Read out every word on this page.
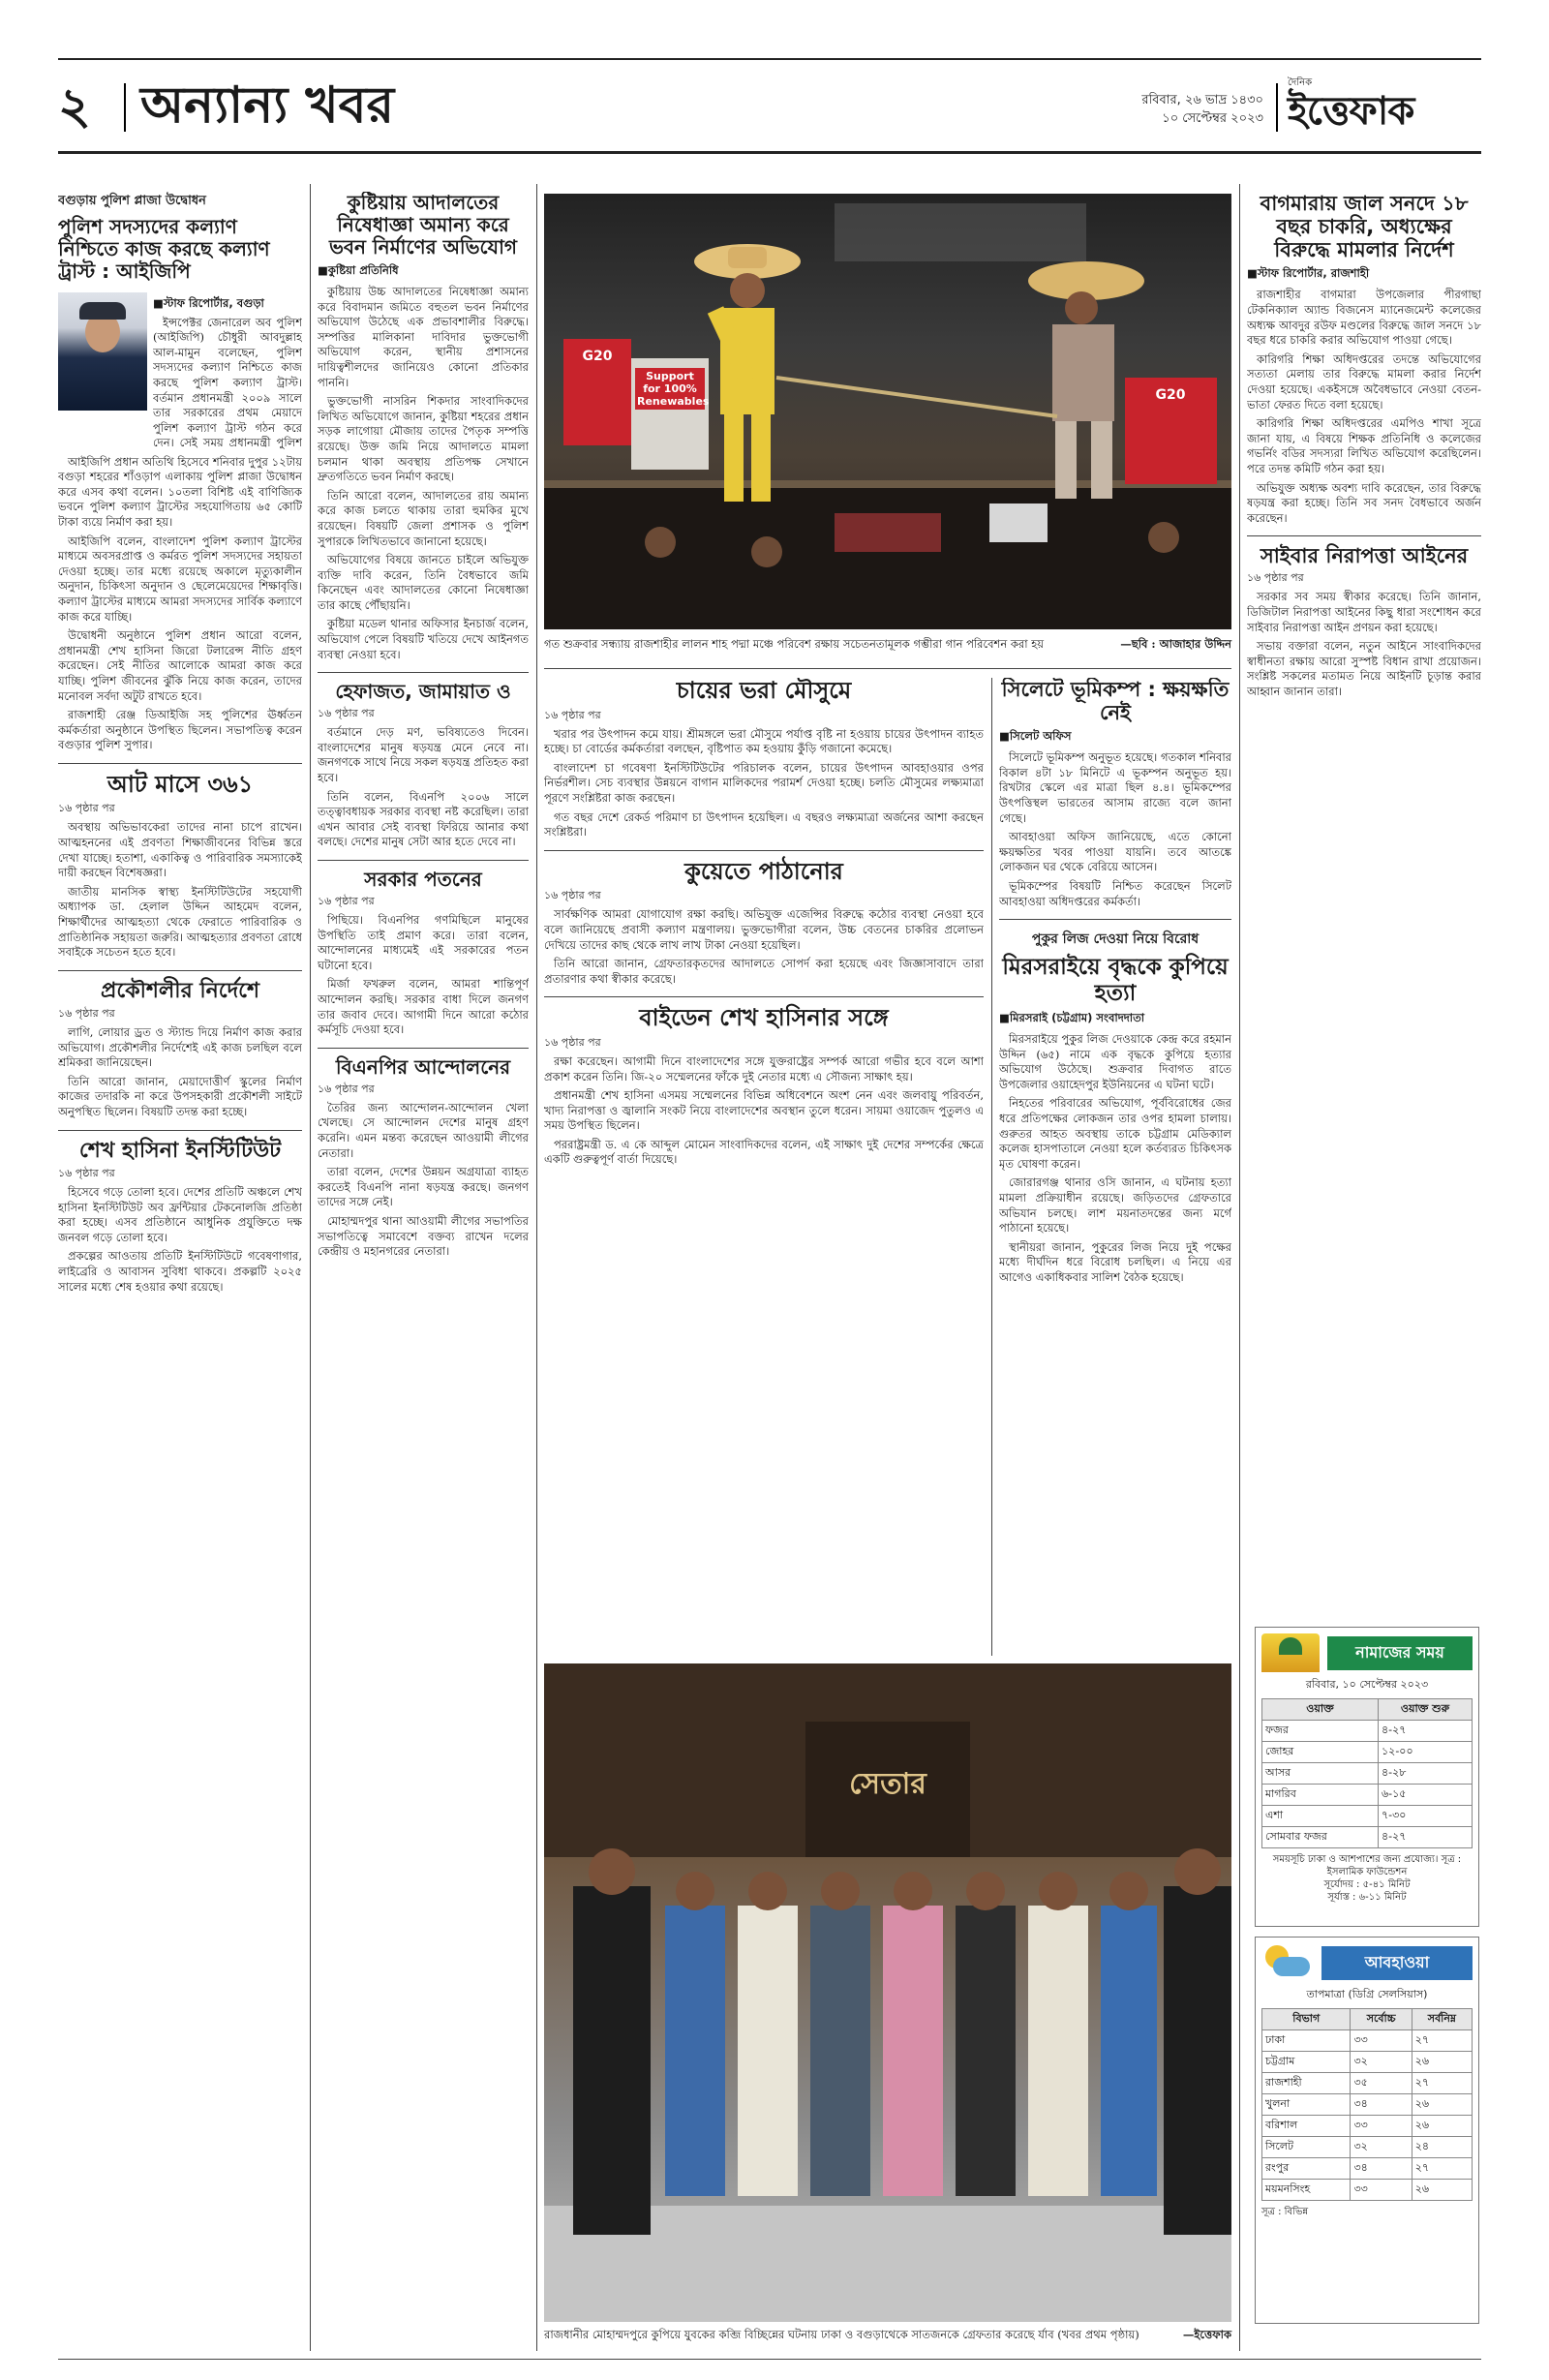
২ অন্যান্য খবর	রবিবার, ২৬ ভাদ্র ১৪৩০
১০ সেপ্টেম্বর ২০২৩
দৈনিক
ইত্তেফাক
বগুড়ায় পুলিশ প্লাজা উদ্বোধন
পুলিশ সদস্যদের কল্যাণ নিশ্চিতে কাজ করছে কল্যাণ ট্রাস্ট : আইজিপি
■ স্টাফ রিপোর্টার, বগুড়া

ইন্সপেক্টর জেনারেল অব পুলিশ (আইজিপি) চৌধুরী আবদুল্লাহ আল-মামুন বলেছেন, পুলিশ সদস্যদের কল্যাণ নিশ্চিতে কাজ করছে পুলিশ কল্যাণ ট্রাস্ট। বর্তমান প্রধানমন্ত্রী ২০০৯ সালে তার সরকারের প্রথম মেয়াদে পুলিশ কল্যাণ ট্রাস্ট গঠন করে দেন। সেই সময় প্রধানমন্ত্রী পুলিশ

আইজিপি প্রধান অতিথি হিসেবে শনিবার দুপুর ১২টায় বগুড়া শহরের শাঁওড়াপ এলাকায় পুলিশ প্লাজা উদ্বোধন করে এসব কথা বলেন। ১০তলা বিশিষ্ট এই বাণিজ্যিক ভবনে পুলিশ কল্যাণ ট্রাস্টের সহযোগিতায় ৬৫ কোটি টাকা ব্যয়ে নির্মাণ করা হয়।

আইজিপি বলেন, বাংলাদেশ পুলিশ কল্যাণ ট্রাস্টের মাধ্যমে অবসরপ্রাপ্ত ও কর্মরত পুলিশ সদস্যদের সহায়তা দেওয়া হচ্ছে। তার মধ্যে রয়েছে অকালে মৃত্যুকালীন অনুদান, চিকিৎসা অনুদান ও ছেলেমেয়েদের শিক্ষাবৃত্তি। কল্যাণ ট্রাস্টের মাধ্যমে আমরা সদস্যদের সার্বিক কল্যাণে কাজ করে যাচ্ছি।

উদ্বোধনী অনুষ্ঠানে পুলিশ প্রধান আরো বলেন, প্রধানমন্ত্রী শেখ হাসিনা জিরো টলারেন্স নীতি গ্রহণ করেছেন। সেই নীতির আলোকে আমরা কাজ করে যাচ্ছি। পুলিশ জীবনের ঝুঁকি নিয়ে কাজ করেন, তাদের মনোবল সর্বদা অটুট রাখতে হবে।

রাজশাহী রেঞ্জ ডিআইজি সহ পুলিশের ঊর্ধ্বতন কর্মকর্তারা অনুষ্ঠানে উপস্থিত ছিলেন। সভাপতিত্ব করেন বগুড়ার পুলিশ সুপার।

আট মাসে ৩৬১
১৬ পৃষ্ঠার পর

অবস্থায় অভিভাবকেরা তাদের নানা চাপে রাখেন। আত্মহননের এই প্রবণতা শিক্ষাজীবনের বিভিন্ন স্তরে দেখা যাচ্ছে। হতাশা, একাকিত্ব ও পারিবারিক সমস্যাকেই দায়ী করছেন বিশেষজ্ঞরা।

জাতীয় মানসিক স্বাস্থ্য ইনস্টিটিউটের সহযোগী অধ্যাপক ডা. হেলাল উদ্দিন আহমেদ বলেন, শিক্ষার্থীদের আত্মহত্যা থেকে ফেরাতে পারিবারিক ও প্রাতিষ্ঠানিক সহায়তা জরুরি। আত্মহত্যার প্রবণতা রোধে সবাইকে সচেতন হতে হবে।

প্রকৌশলীর নির্দেশে
১৬ পৃষ্ঠার পর

লাগি, লোয়ার ড্রত ও স্ট্যান্ড দিয়ে নির্মাণ কাজ করার অভিযোগ। প্রকৌশলীর নির্দেশেই এই কাজ চলছিল বলে শ্রমিকরা জানিয়েছেন।

তিনি আরো জানান, মেয়াদোত্তীর্ণ স্কুলের নির্মাণ কাজের তদারকি না করে উপসহকারী প্রকৌশলী সাইটে অনুপস্থিত ছিলেন। বিষয়টি তদন্ত করা হচ্ছে।

শেখ হাসিনা ইনস্টিটিউট
১৬ পৃষ্ঠার পর

হিসেবে গড়ে তোলা হবে। দেশের প্রতিটি অঞ্চলে শেখ হাসিনা ইনস্টিটিউট অব ফ্রন্টিয়ার টেকনোলজি প্রতিষ্ঠা করা হচ্ছে। এসব প্রতিষ্ঠানে আধুনিক প্রযুক্তিতে দক্ষ জনবল গড়ে তোলা হবে।

প্রকল্পের আওতায় প্রতিটি ইনস্টিটিউটে গবেষণাগার, লাইব্রেরি ও আবাসন সুবিধা থাকবে। প্রকল্পটি ২০২৫ সালের মধ্যে শেষ হওয়ার কথা রয়েছে।

কুষ্টিয়ায় আদালতের নিষেধাজ্ঞা অমান্য করে ভবন নির্মাণের অভিযোগ
■ কুষ্টিয়া প্রতিনিধি

কুষ্টিয়ায় উচ্চ আদালতের নিষেধাজ্ঞা অমান্য করে বিবাদমান জমিতে বহুতল ভবন নির্মাণের অভিযোগ উঠেছে এক প্রভাবশালীর বিরুদ্ধে। সম্পত্তির মালিকানা দাবিদার ভুক্তভোগী অভিযোগ করেন, স্থানীয় প্রশাসনের দায়িত্বশীলদের জানিয়েও কোনো প্রতিকার পাননি।

ভুক্তভোগী নাসরিন শিকদার সাংবাদিকদের লিখিত অভিযোগে জানান, কুষ্টিয়া শহরের প্রধান সড়ক লাগোয়া মৌজায় তাদের পৈতৃক সম্পত্তি রয়েছে। উক্ত জমি নিয়ে আদালতে মামলা চলমান থাকা অবস্থায় প্রতিপক্ষ সেখানে দ্রুতগতিতে ভবন নির্মাণ করছে।

তিনি আরো বলেন, আদালতের রায় অমান্য করে কাজ চলতে থাকায় তারা হুমকির মুখে রয়েছেন। বিষয়টি জেলা প্রশাসক ও পুলিশ সুপারকে লিখিতভাবে জানানো হয়েছে।

অভিযোগের বিষয়ে জানতে চাইলে অভিযুক্ত ব্যক্তি দাবি করেন, তিনি বৈধভাবে জমি কিনেছেন এবং আদালতের কোনো নিষেধাজ্ঞা তার কাছে পৌঁছায়নি।

কুষ্টিয়া মডেল থানার অফিসার ইনচার্জ বলেন, অভিযোগ পেলে বিষয়টি খতিয়ে দেখে আইনগত ব্যবস্থা নেওয়া হবে।

হেফাজত, জামায়াত ও
১৬ পৃষ্ঠার পর

বর্তমানে দেড় মণ, ভবিষ্যতেও দিবেন। বাংলাদেশের মানুষ ষড়যন্ত্র মেনে নেবে না। জনগণকে সাথে নিয়ে সকল ষড়যন্ত্র প্রতিহত করা হবে।

তিনি বলেন, বিএনপি ২০০৬ সালে তত্ত্বাবধায়ক সরকার ব্যবস্থা নষ্ট করেছিল। তারা এখন আবার সেই ব্যবস্থা ফিরিয়ে আনার কথা বলছে। দেশের মানুষ সেটা আর হতে দেবে না।

সরকার পতনের
১৬ পৃষ্ঠার পর

পিছিয়ে। বিএনপির গণমিছিলে মানুষের উপস্থিতি তাই প্রমাণ করে। তারা বলেন, আন্দোলনের মাধ্যমেই এই সরকারের পতন ঘটানো হবে।

মির্জা ফখরুল বলেন, আমরা শান্তিপূর্ণ আন্দোলন করছি। সরকার বাধা দিলে জনগণ তার জবাব দেবে। আগামী দিনে আরো কঠোর কর্মসূচি দেওয়া হবে।

বিএনপির আন্দোলনের
১৬ পৃষ্ঠার পর

তৈরির জন্য আন্দোলন-আন্দোলন খেলা খেলছে। সে আন্দোলন দেশের মানুষ গ্রহণ করেনি। এমন মন্তব্য করেছেন আওয়ামী লীগের নেতারা।

তারা বলেন, দেশের উন্নয়ন অগ্রযাত্রা ব্যাহত করতেই বিএনপি নানা ষড়যন্ত্র করছে। জনগণ তাদের সঙ্গে নেই।

মোহাম্মদপুর থানা আওয়ামী লীগের সভাপতির সভাপতিত্বে সমাবেশে বক্তব্য রাখেন দলের কেন্দ্রীয় ও মহানগরের নেতারা।

G20
Support for 100% Renewables	G20
গত শুক্রবার সন্ধ্যায় রাজশাহীর লালন শাহ পদ্মা মঞ্চে পরিবেশ রক্ষায় সচেতনতামূলক গম্ভীরা গান পরিবেশন করা হয়	—ছবি : আজাহার উদ্দিন
চায়ের ভরা মৌসুমে
১৬ পৃষ্ঠার পর

খরার পর উৎপাদন কমে যায়। শ্রীমঙ্গলে ভরা মৌসুমে পর্যাপ্ত বৃষ্টি না হওয়ায় চায়ের উৎপাদন ব্যাহত হচ্ছে। চা বোর্ডের কর্মকর্তারা বলছেন, বৃষ্টিপাত কম হওয়ায় কুঁড়ি গজানো কমেছে।

বাংলাদেশ চা গবেষণা ইনস্টিটিউটের পরিচালক বলেন, চায়ের উৎপাদন আবহাওয়ার ওপর নির্ভরশীল। সেচ ব্যবস্থার উন্নয়নে বাগান মালিকদের পরামর্শ দেওয়া হচ্ছে। চলতি মৌসুমের লক্ষ্যমাত্রা পূরণে সংশ্লিষ্টরা কাজ করছেন।

গত বছর দেশে রেকর্ড পরিমাণ চা উৎপাদন হয়েছিল। এ বছরও লক্ষ্যমাত্রা অর্জনের আশা করছেন সংশ্লিষ্টরা।

কুয়েতে পাঠানোর
১৬ পৃষ্ঠার পর

সার্বক্ষণিক আমরা যোগাযোগ রক্ষা করছি। অভিযুক্ত এজেন্সির বিরুদ্ধে কঠোর ব্যবস্থা নেওয়া হবে বলে জানিয়েছে প্রবাসী কল্যাণ মন্ত্রণালয়। ভুক্তভোগীরা বলেন, উচ্চ বেতনের চাকরির প্রলোভন দেখিয়ে তাদের কাছ থেকে লাখ লাখ টাকা নেওয়া হয়েছিল।

তিনি আরো জানান, গ্রেফতারকৃতদের আদালতে সোপর্দ করা হয়েছে এবং জিজ্ঞাসাবাদে তারা প্রতারণার কথা স্বীকার করেছে।

বাইডেন শেখ হাসিনার সঙ্গে
১৬ পৃষ্ঠার পর

রক্ষা করেছেন। আগামী দিনে বাংলাদেশের সঙ্গে যুক্তরাষ্ট্রের সম্পর্ক আরো গভীর হবে বলে আশা প্রকাশ করেন তিনি। জি-২০ সম্মেলনের ফাঁকে দুই নেতার মধ্যে এ সৌজন্য সাক্ষাৎ হয়।

প্রধানমন্ত্রী শেখ হাসিনা এসময় সম্মেলনের বিভিন্ন অধিবেশনে অংশ নেন এবং জলবায়ু পরিবর্তন, খাদ্য নিরাপত্তা ও জ্বালানি সংকট নিয়ে বাংলাদেশের অবস্থান তুলে ধরেন। সায়মা ওয়াজেদ পুতুলও এ সময় উপস্থিত ছিলেন।

পররাষ্ট্রমন্ত্রী ড. এ কে আব্দুল মোমেন সাংবাদিকদের বলেন, এই সাক্ষাৎ দুই দেশের সম্পর্কের ক্ষেত্রে একটি গুরুত্বপূর্ণ বার্তা দিয়েছে।

সিলেটে ভূমিকম্প : ক্ষয়ক্ষতি নেই
■ সিলেট অফিস

সিলেটে ভূমিকম্প অনুভূত হয়েছে। গতকাল শনিবার বিকাল ৪টা ১৮ মিনিটে এ ভূকম্পন অনুভূত হয়। রিখটার স্কেলে এর মাত্রা ছিল ৪.৪। ভূমিকম্পের উৎপত্তিস্থল ভারতের আসাম রাজ্যে বলে জানা গেছে।

আবহাওয়া অফিস জানিয়েছে, এতে কোনো ক্ষয়ক্ষতির খবর পাওয়া যায়নি। তবে আতঙ্কে লোকজন ঘর থেকে বেরিয়ে আসেন।

ভূমিকম্পের বিষয়টি নিশ্চিত করেছেন সিলেট আবহাওয়া অধিদপ্তরের কর্মকর্তা।

পুকুর লিজ দেওয়া নিয়ে বিরোধ
মিরসরাইয়ে বৃদ্ধকে কুপিয়ে হত্যা
■ মিরসরাই (চট্টগ্রাম) সংবাদদাতা

মিরসরাইয়ে পুকুর লিজ দেওয়াকে কেন্দ্র করে রহমান উদ্দিন (৬৫) নামে এক বৃদ্ধকে কুপিয়ে হত্যার অভিযোগ উঠেছে। শুক্রবার দিবাগত রাতে উপজেলার ওয়াহেদপুর ইউনিয়নের এ ঘটনা ঘটে।

নিহতের পরিবারের অভিযোগ, পূর্ববিরোধের জের ধরে প্রতিপক্ষের লোকজন তার ওপর হামলা চালায়। গুরুতর আহত অবস্থায় তাকে চট্টগ্রাম মেডিক্যাল কলেজ হাসপাতালে নেওয়া হলে কর্তব্যরত চিকিৎসক মৃত ঘোষণা করেন।

জোরারগঞ্জ থানার ওসি জানান, এ ঘটনায় হত্যা মামলা প্রক্রিয়াধীন রয়েছে। জড়িতদের গ্রেফতারে অভিযান চলছে। লাশ ময়নাতদন্তের জন্য মর্গে পাঠানো হয়েছে।

স্থানীয়রা জানান, পুকুরের লিজ নিয়ে দুই পক্ষের মধ্যে দীর্ঘদিন ধরে বিরোধ চলছিল। এ নিয়ে এর আগেও একাধিকবার সালিশ বৈঠক হয়েছে।

সেতার
রাজধানীর মোহাম্মদপুরে কুপিয়ে যুবকের কব্জি বিচ্ছিন্নের ঘটনায় ঢাকা ও বগুড়াথেকে সাতজনকে গ্রেফতার করেছে র্যাব (খবর প্রথম পৃষ্ঠায়)	—ইত্তেফাক
বাগমারায় জাল সনদে ১৮ বছর চাকরি, অধ্যক্ষের বিরুদ্ধে মামলার নির্দেশ
■ স্টাফ রিপোর্টার, রাজশাহী

রাজশাহীর বাগমারা উপজেলার পীরগাছা টেকনিক্যাল অ্যান্ড বিজনেস ম্যানেজমেন্ট কলেজের অধ্যক্ষ আবদুর রউফ মণ্ডলের বিরুদ্ধে জাল সনদে ১৮ বছর ধরে চাকরি করার অভিযোগ পাওয়া গেছে।

কারিগরি শিক্ষা অধিদপ্তরের তদন্তে অভিযোগের সত্যতা মেলায় তার বিরুদ্ধে মামলা করার নির্দেশ দেওয়া হয়েছে। একইসঙ্গে অবৈধভাবে নেওয়া বেতন-ভাতা ফেরত দিতে বলা হয়েছে।

কারিগরি শিক্ষা অধিদপ্তরের এমপিও শাখা সূত্রে জানা যায়, এ বিষয়ে শিক্ষক প্রতিনিধি ও কলেজের গভর্নিং বডির সদস্যরা লিখিত অভিযোগ করেছিলেন। পরে তদন্ত কমিটি গঠন করা হয়।

অভিযুক্ত অধ্যক্ষ অবশ্য দাবি করেছেন, তার বিরুদ্ধে ষড়যন্ত্র করা হচ্ছে। তিনি সব সনদ বৈধভাবে অর্জন করেছেন।

সাইবার নিরাপত্তা আইনের
১৬ পৃষ্ঠার পর

সরকার সব সময় স্বীকার করেছে। তিনি জানান, ডিজিটাল নিরাপত্তা আইনের কিছু ধারা সংশোধন করে সাইবার নিরাপত্তা আইন প্রণয়ন করা হয়েছে।

সভায় বক্তারা বলেন, নতুন আইনে সাংবাদিকদের স্বাধীনতা রক্ষায় আরো সুস্পষ্ট বিধান রাখা প্রয়োজন। সংশ্লিষ্ট সকলের মতামত নিয়ে আইনটি চূড়ান্ত করার আহ্বান জানান তারা।

নামাজের সময়
রবিবার, ১০ সেপ্টেম্বর ২০২৩
ওয়াক্ত	ওয়াক্ত শুরু
ফজর	৪-২৭
জোহর	১২-০০
আসর	৪-২৮
মাগরিব	৬-১৫
এশা	৭-৩০
সোমবার ফজর	৪-২৭
সময়সূচি ঢাকা ও আশপাশের জন্য প্রযোজ্য। সূত্র : ইসলামিক ফাউন্ডেশন
সূর্যোদয় : ৫-৪১ মিনিট
সূর্যাস্ত : ৬-১১ মিনিট
আবহাওয়া
তাপমাত্রা (ডিগ্রি সেলসিয়াস)
বিভাগ	সর্বোচ্চ	সর্বনিম্ন
ঢাকা	৩৩	২৭
চট্টগ্রাম	৩২	২৬
রাজশাহী	৩৫	২৭
খুলনা	৩৪	২৬
বরিশাল	৩৩	২৬
সিলেট	৩২	২৪
রংপুর	৩৪	২৭
ময়মনসিংহ	৩৩	২৬
সূত্র : বিভিন্ন
